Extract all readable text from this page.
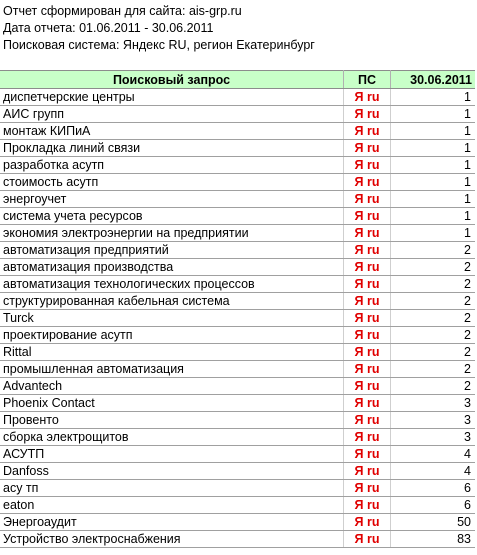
Отчет сформирован для сайта: ais-grp.ru
Дата отчета: 01.06.2011 - 30.06.2011
Поисковая система: Яндекс RU, регион Екатеринбург
Поисковый запрос	ПС	30.06.2011
диспетчерские центры	Я ru	1
АИС групп	Я ru	1
монтаж КИПиА	Я ru	1
Прокладка линий связи	Я ru	1
разработка асутп	Я ru	1
стоимость асутп	Я ru	1
энергоучет	Я ru	1
система учета ресурсов	Я ru	1
экономия электроэнергии на предприятии	Я ru	1
автоматизация предприятий	Я ru	2
автоматизация производства	Я ru	2
автоматизация технологических процессов	Я ru	2
структурированная кабельная система	Я ru	2
Turck	Я ru	2
проектирование асутп	Я ru	2
Rittal	Я ru	2
промышленная автоматизация	Я ru	2
Advantech	Я ru	2
Phoenix Contact	Я ru	3
Провенто	Я ru	3
сборка электрощитов	Я ru	3
АСУТП	Я ru	4
Danfoss	Я ru	4
асу тп	Я ru	6
eaton	Я ru	6
Энергоаудит	Я ru	50
Устройство электроснабжения	Я ru	83
